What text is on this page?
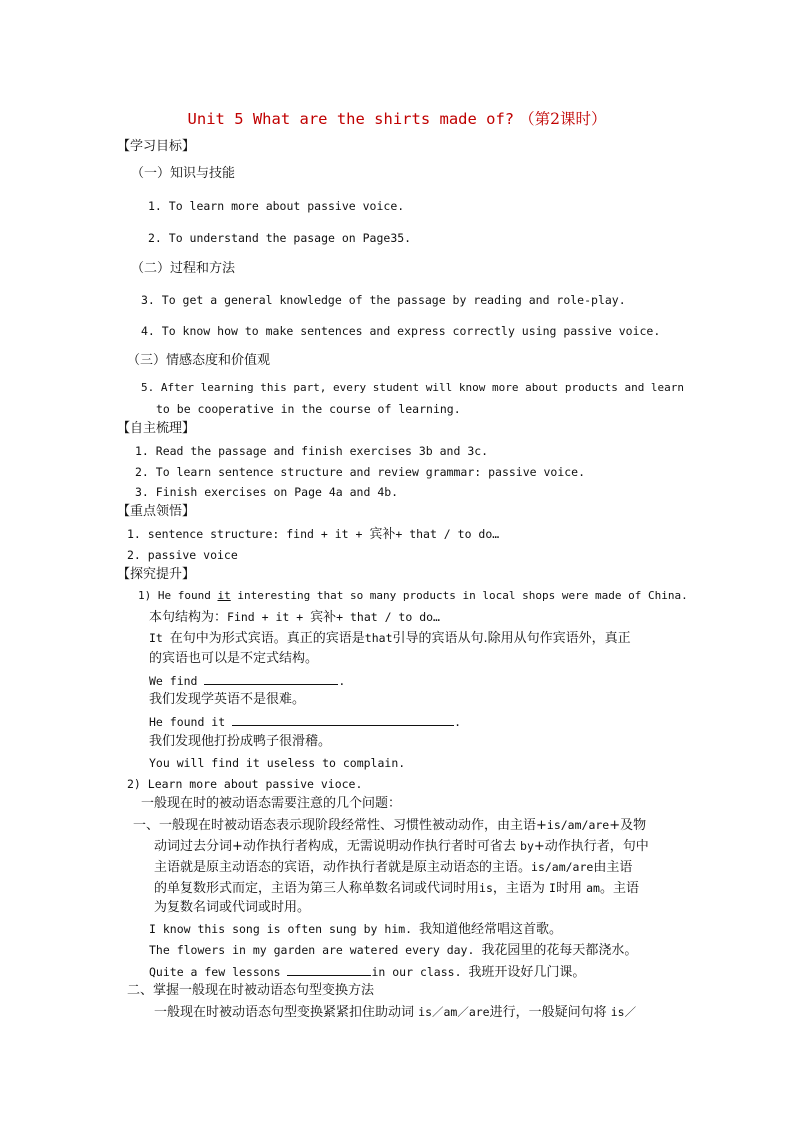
Unit 5 What are the shirts made of? （第2课时）
【学习目标】
（一）知识与技能
1. To learn more about passive voice.
2. To understand the pasage on Page35.
（二）过程和方法
3. To get a general knowledge of the passage by reading and role-play.
4. To know how to make sentences and express correctly using passive voice.
（三）情感态度和价值观
5. After learning this part, every student will know more about products and learn
to be cooperative in the course of learning.
【自主梳理】
1. Read the passage and finish exercises 3b and 3c.
2. To learn sentence structure and review grammar: passive voice.
3. Finish exercises on Page 4a and 4b.
【重点领悟】
1. sentence structure: find + it + 宾补+ that / to do…
2. passive voice
【探究提升】
1) He found it interesting that so many products in local shops were made of China.
本句结构为：Find + it + 宾补+ that / to do…
It 在句中为形式宾语。真正的宾语是that引导的宾语从句.除用从句作宾语外，真正
的宾语也可以是不定式结构。
We find	.
我们发现学英语不是很难。
He found it	.
我们发现他打扮成鸭子很滑稽。
You will find it useless to complain.
2) Learn more about passive vioce.
一般现在时的被动语态需要注意的几个问题：
一、一般现在时被动语态表示现阶段经常性、习惯性被动动作，由主语+is/am/are+及物
动词过去分词+动作执行者构成，无需说明动作执行者时可省去 by+动作执行者，句中
主语就是原主动语态的宾语，动作执行者就是原主动语态的主语。is/am/are由主语
的单复数形式而定，主语为第三人称单数名词或代词时用is，主语为 I时用 am。主语
为复数名词或代词或时用。
I know this song is often sung by him. 我知道他经常唱这首歌。
The flowers in my garden are watered every day. 我花园里的花每天都浇水。
Quite a few lessons	in our class. 我班开设好几门课。
二、掌握一般现在时被动语态句型变换方法
一般现在时被动语态句型变换紧紧扣住助动词 is／am／are进行，一般疑问句将 is／
